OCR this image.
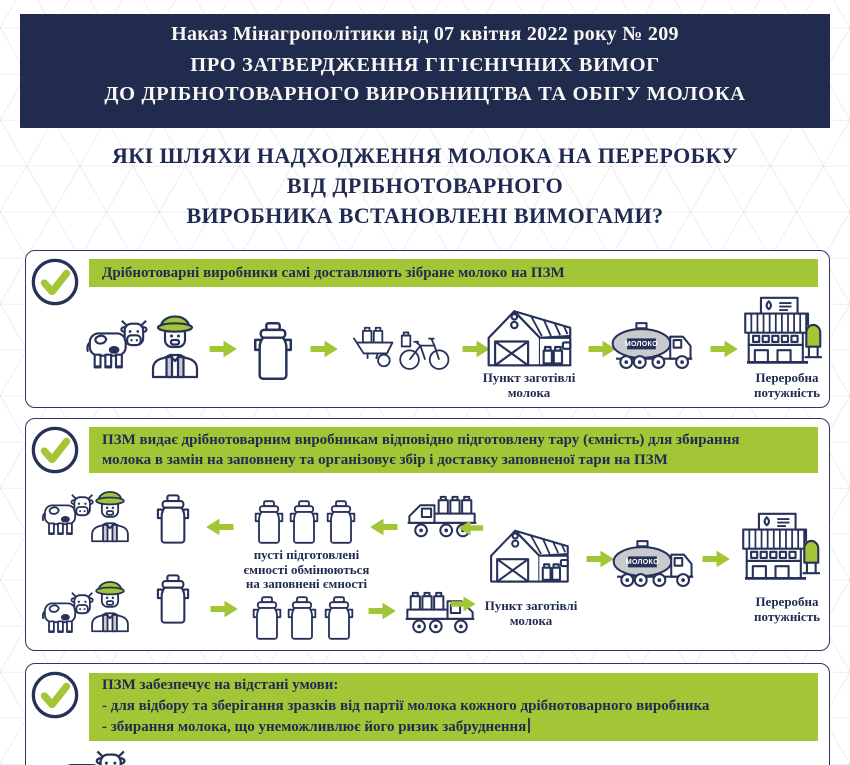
Наказ Мінагрополітики від 07 квітня 2022 року № 209
ПРО ЗАТВЕРДЖЕННЯ ГІГІЄНІЧНИХ ВИМОГ
ДО ДРІБНОТОВАРНОГО ВИРОБНИЦТВА ТА ОБІГУ МОЛОКА
ЯКІ ШЛЯХИ НАДХОДЖЕННЯ МОЛОКА НА ПЕРЕРОБКУ
ВІД ДРІБНОТОВАРНОГО
ВИРОБНИКА ВСТАНОВЛЕНІ ВИМОГАМИ?
Дрібнотоварні виробники самі доставляють зібране молоко на ПЗМ
Пункт заготівлі
молока
МОЛОКО
Переробна
потужність
ПЗМ видає дрібнотоварним виробникам відповідно підготовлену тару (ємність) для збирання
молока в замін на заповнену та організовує збір і доставку заповненої тари на ПЗМ
пусті підготовлені
ємності обмінюються
на заповнені ємності
Пункт заготівлі
молока
МОЛОКО
Переробна
потужність
ПЗМ забезпечує на відстані умови:
- для відбору та зберігання зразків від партії молока кожного дрібнотоварного виробника
- збирання молока, що унеможливлює його ризик забруднення
